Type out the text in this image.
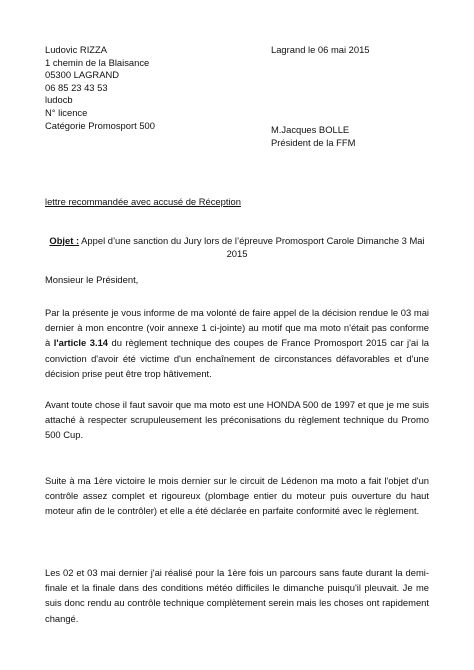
Ludovic RIZZA
1 chemin de la Blaisance
05300 LAGRAND
06 85 23 43 53
ludocb
N° licence
Catégorie Promosport 500
Lagrand le 06 mai 2015
M.Jacques BOLLE
Président de la FFM
lettre recommandée avec accusé de Réception
Objet : Appel d’une sanction du Jury lors de l’épreuve Promosport Carole Dimanche 3 Mai 2015
Monsieur le Président,
Par la présente je vous informe de ma volonté de faire appel de la décision rendue le 03 mai dernier à mon encontre (voir annexe 1 ci-jointe) au motif que ma moto n'était pas conforme à l'article 3.14 du règlement technique des coupes de France Promosport 2015 car j'ai la conviction d'avoir été victime d'un enchaînement de circonstances défavorables et d'une décision prise peut être trop hâtivement.
Avant toute chose il faut savoir que ma moto est une HONDA 500 de 1997 et que je me suis attaché à respecter scrupuleusement les préconisations du règlement technique du Promo 500 Cup.
Suite à ma 1ère victoire le mois dernier sur le circuit de Lédenon ma moto a fait l'objet d'un contrôle assez complet et rigoureux (plombage entier du moteur puis ouverture du haut moteur afin de le contrôler) et elle a été déclarée en parfaite conformité avec le règlement.
Les 02 et 03 mai dernier j'ai réalisé pour la 1ère fois un parcours sans faute durant la demi-finale et la finale dans des conditions météo difficiles le dimanche puisqu'il pleuvait. Je me suis donc rendu au contrôle technique complètement serein mais les choses ont rapidement changé.
